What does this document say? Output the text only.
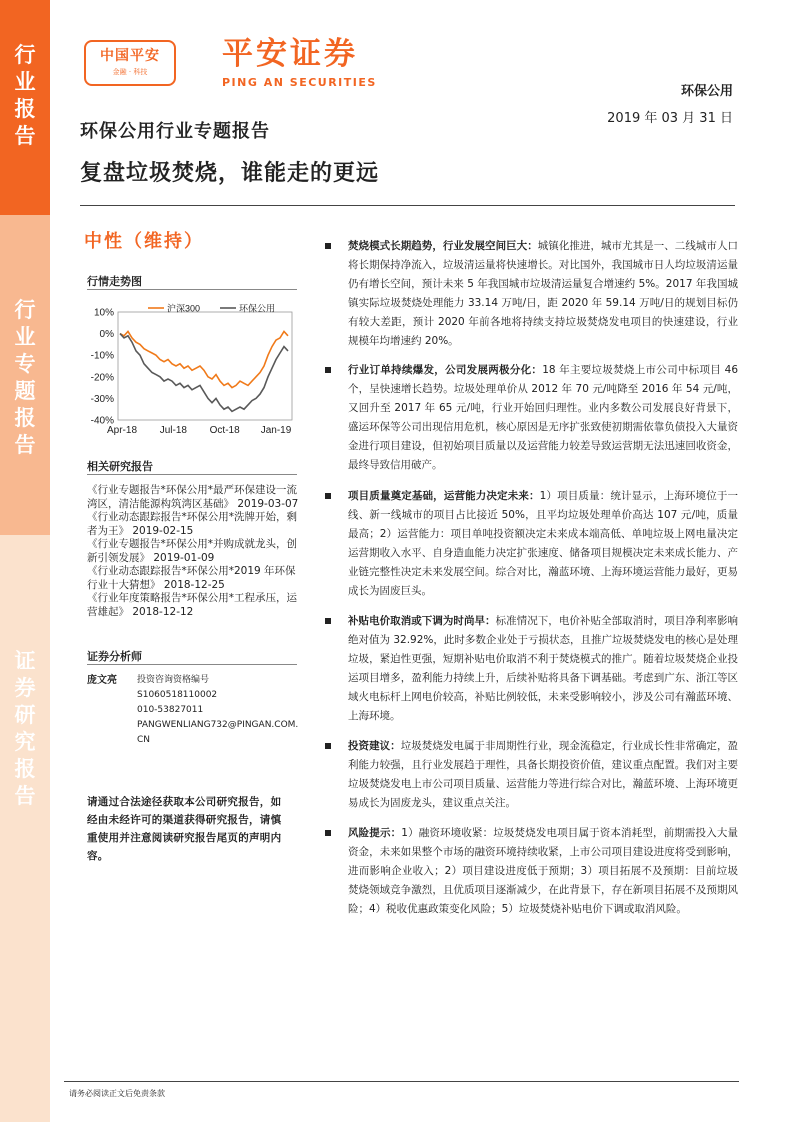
行业报告
行业专题报告
证券研究报告
中国平安
金融 · 科技	平安证券
PING AN SECURITIES
环保公用
2019 年 03 月 31 日
环保公用行业专题报告
复盘垃圾焚烧，谁能走的更远
中性（维持）
行情走势图
10%
0%
-10%
-20%
-30%
-40%
Apr-18 Jul-18 Oct-18 Jan-19
沪深300	环保公用
相关研究报告
《行业专题报告*环保公用*最严环保建设一流湾区，清洁能源构筑湾区基础》 2019-03-07
《行业动态跟踪报告*环保公用*洗牌开始，剩者为王》 2019-02-15
《行业专题报告*环保公用*并购成就龙头，创新引领发展》 2019-01-09
《行业动态跟踪报告*环保公用*2019 年环保行业十大猜想》 2018-12-25
《行业年度策略报告*环保公用*工程承压，运营雄起》 2018-12-12
证券分析师
庞文亮 投资咨询资格编号
S1060518110002
010-53827011
PANGWENLIANG732@PINGAN.COM.CN
请通过合法途径获取本公司研究报告，如经由未经许可的渠道获得研究报告，请慎重使用并注意阅读研究报告尾页的声明内容。
焚烧模式长期趋势，行业发展空间巨大：城镇化推进，城市尤其是一、二线城市人口将长期保持净流入，垃圾清运量将快速增长。对比国外，我国城市日人均垃圾清运量仍有增长空间，预计未来 5 年我国城市垃圾清运量复合增速约 5%。2017 年我国城镇实际垃圾焚烧处理能力 33.14 万吨/日，距 2020 年 59.14 万吨/日的规划目标仍有较大差距，预计 2020 年前各地将持续支持垃圾焚烧发电项目的快速建设，行业规模年均增速约 20%。
行业订单持续爆发，公司发展两极分化：18 年主要垃圾焚烧上市公司中标项目 46 个，呈快速增长趋势。垃圾处理单价从 2012 年 70 元/吨降至 2016 年 54 元/吨，又回升至 2017 年 65 元/吨，行业开始回归理性。业内多数公司发展良好背景下，盛运环保等公司出现信用危机，核心原因是无序扩张致使初期需依靠负债投入大量资金进行项目建设，但初始项目质量以及运营能力较差导致运营期无法迅速回收资金，最终导致信用破产。
项目质量奠定基础，运营能力决定未来：1）项目质量：统计显示，上海环境位于一线、新一线城市的项目占比接近 50%，且平均垃圾处理单价高达 107 元/吨，质量最高；2）运营能力：项目单吨投资额决定未来成本端高低、单吨垃圾上网电量决定运营期收入水平、自身造血能力决定扩张速度、储备项目规模决定未来成长能力、产业链完整性决定未来发展空间。综合对比，瀚蓝环境、上海环境运营能力最好，更易成长为固废巨头。
补贴电价取消或下调为时尚早：标准情况下，电价补贴全部取消时，项目净利率影响绝对值为 32.92%，此时多数企业处于亏损状态，且推广垃圾焚烧发电的核心是处理垃圾，紧迫性更强，短期补贴电价取消不利于焚烧模式的推广。随着垃圾焚烧企业投运项目增多，盈利能力持续上升，后续补贴将具备下调基础。考虑到广东、浙江等区域火电标杆上网电价较高，补贴比例较低，未来受影响较小，涉及公司有瀚蓝环境、上海环境。
投资建议：垃圾焚烧发电属于非周期性行业，现金流稳定，行业成长性非常确定，盈利能力较强，且行业发展趋于理性，具备长期投资价值，建议重点配置。我们对主要垃圾焚烧发电上市公司项目质量、运营能力等进行综合对比，瀚蓝环境、上海环境更易成长为固废龙头，建议重点关注。
风险提示：1）融资环境收紧：垃圾焚烧发电项目属于资本消耗型，前期需投入大量资金，未来如果整个市场的融资环境持续收紧，上市公司项目建设进度将受到影响，进而影响企业收入；2）项目建设进度低于预期；3）项目拓展不及预期：目前垃圾焚烧领域竞争激烈，且优质项目逐渐减少，在此背景下，存在新项目拓展不及预期风险；4）税收优惠政策变化风险；5）垃圾焚烧补贴电价下调或取消风险。
请务必阅读正文后免责条款
